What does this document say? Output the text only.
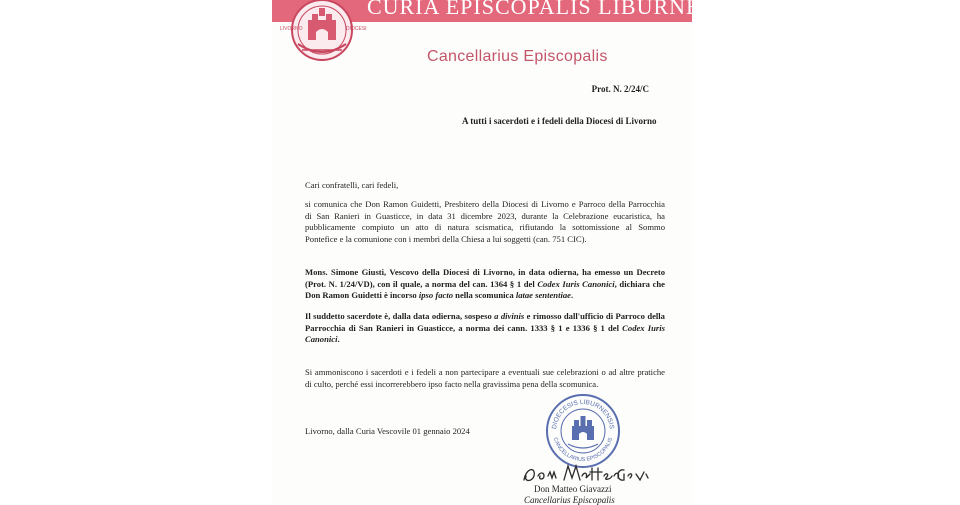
CURIA EPISCOPALIS LIBURNENSIS
LIVORNO	DIOCESI
Cancellarius Episcopalis
Prot. N. 2/24/C
A tutti i sacerdoti e i fedeli della Diocesi di Livorno
Cari confratelli, cari fedeli,
si comunica che Don Ramon Guidetti, Presbitero della Diocesi di Livorno e Parroco della Parrocchia
di San Ranieri in Guasticce, in data 31 dicembre 2023, durante la Celebrazione eucaristica, ha
pubblicamente compiuto un atto di natura scismatica, rifiutando la sottomissione al Sommo
Pontefice e la comunione con i membri della Chiesa a lui soggetti (can. 751 CIC).
Mons. Simone Giusti, Vescovo della Diocesi di Livorno, in data odierna, ha emesso un Decreto
(Prot. N. 1/24/VD), con il quale, a norma del can. 1364 § 1 del Codex Iuris Canonici, dichiara che
Don Ramon Guidetti è incorso ipso facto nella scomunica latae sententiae.
Il suddetto sacerdote è, dalla data odierna, sospeso a divinis e rimosso dall'ufficio di Parroco della
Parrocchia di San Ranieri in Guasticce, a norma dei cann. 1333 § 1 e 1336 § 1 del Codex Iuris
Canonici.
Si ammoniscono i sacerdoti e i fedeli a non partecipare a eventuali sue celebrazioni o ad altre pratiche
di culto, perché essi incorrerebbero ipso facto nella gravissima pena della scomunica.
Livorno, dalla Curia Vescovile 01 gennaio 2024	DIOECESIS LIBURNENSIS
CANCELLARIUS EPISCOPALIS
Don Matteo Giavazzi
Cancellarius Episcopalis
